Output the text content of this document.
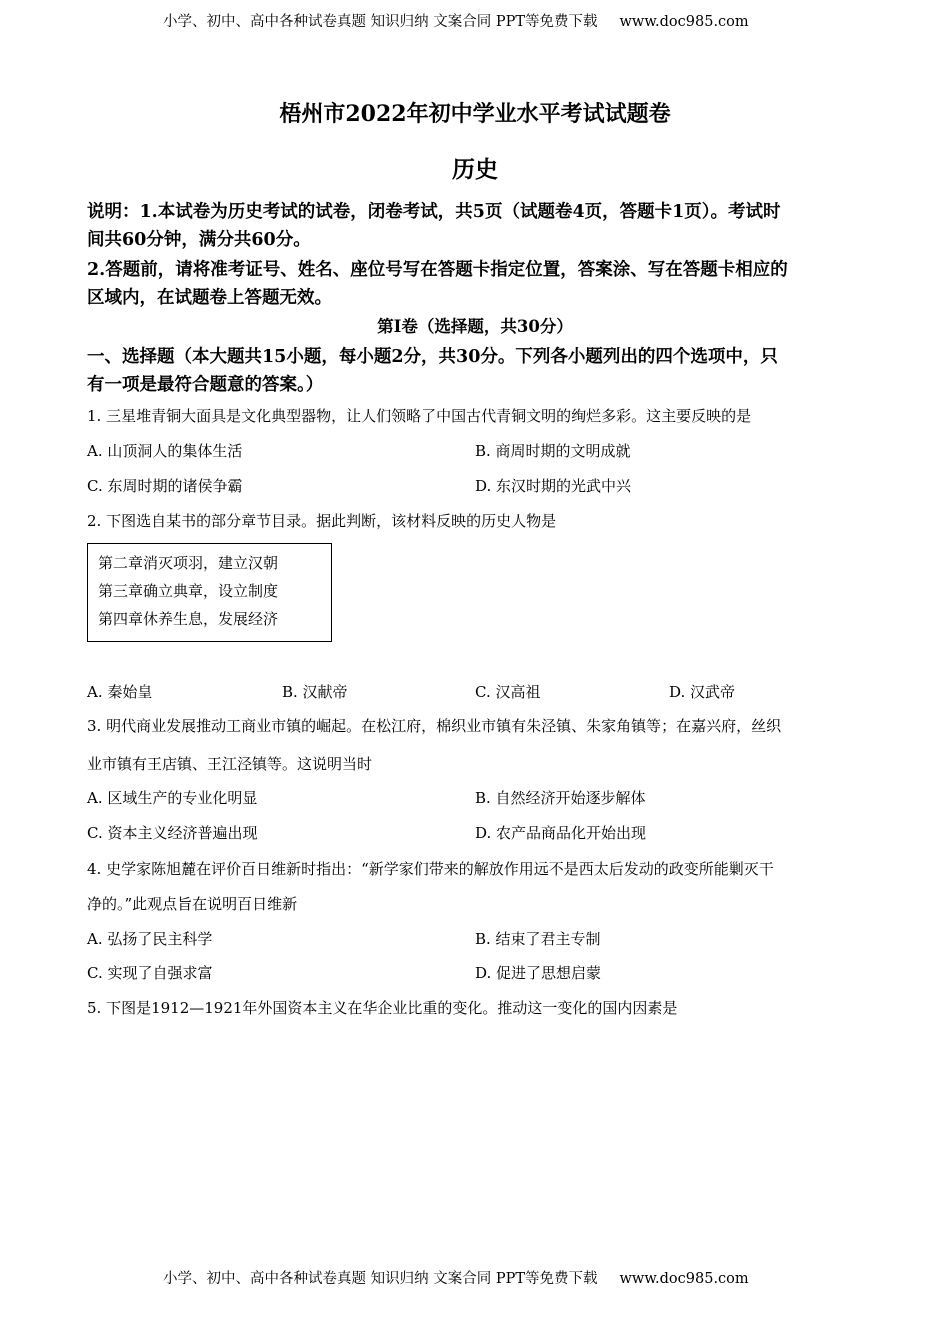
小学、初中、高中各种试卷真题 知识归纳 文案合同 PPT等免费下载 www.doc985.com
梧州市2022年初中学业水平考试试题卷
历史
说明：1.本试卷为历史考试的试卷，闭卷考试，共5页（试题卷4页，答题卡1页）。考试时
间共60分钟，满分共60分。
2.答题前，请将准考证号、姓名、座位号写在答题卡指定位置，答案涂、写在答题卡相应的
区域内，在试题卷上答题无效。
第I卷（选择题，共30分）
一、选择题（本大题共15小题，每小题2分，共30分。下列各小题列出的四个选项中，只
有一项是最符合题意的答案。）
1. 三星堆青铜大面具是文化典型器物，让人们领略了中国古代青铜文明的绚烂多彩。这主要反映的是
A. 山顶洞人的集体生活	B. 商周时期的文明成就
C. 东周时期的诸侯争霸	D. 东汉时期的光武中兴
2. 下图选自某书的部分章节目录。据此判断，该材料反映的历史人物是
第二章消灭项羽，建立汉朝
第三章确立典章，设立制度
第四章休养生息，发展经济
A. 秦始皇	B. 汉献帝	C. 汉高祖	D. 汉武帝
3. 明代商业发展推动工商业市镇的崛起。在松江府，棉织业市镇有朱泾镇、朱家角镇等；在嘉兴府，丝织
业市镇有王店镇、王江泾镇等。这说明当时
A. 区域生产的专业化明显	B. 自然经济开始逐步解体
C. 资本主义经济普遍出现	D. 农产品商品化开始出现
4. 史学家陈旭麓在评价百日维新时指出：“新学家们带来的解放作用远不是西太后发动的政变所能剿灭干
净的。”此观点旨在说明百日维新
A. 弘扬了民主科学	B. 结束了君主专制
C. 实现了自强求富	D. 促进了思想启蒙
5. 下图是1912—1921年外国资本主义在华企业比重的变化。推动这一变化的国内因素是
小学、初中、高中各种试卷真题 知识归纳 文案合同 PPT等免费下载 www.doc985.com
